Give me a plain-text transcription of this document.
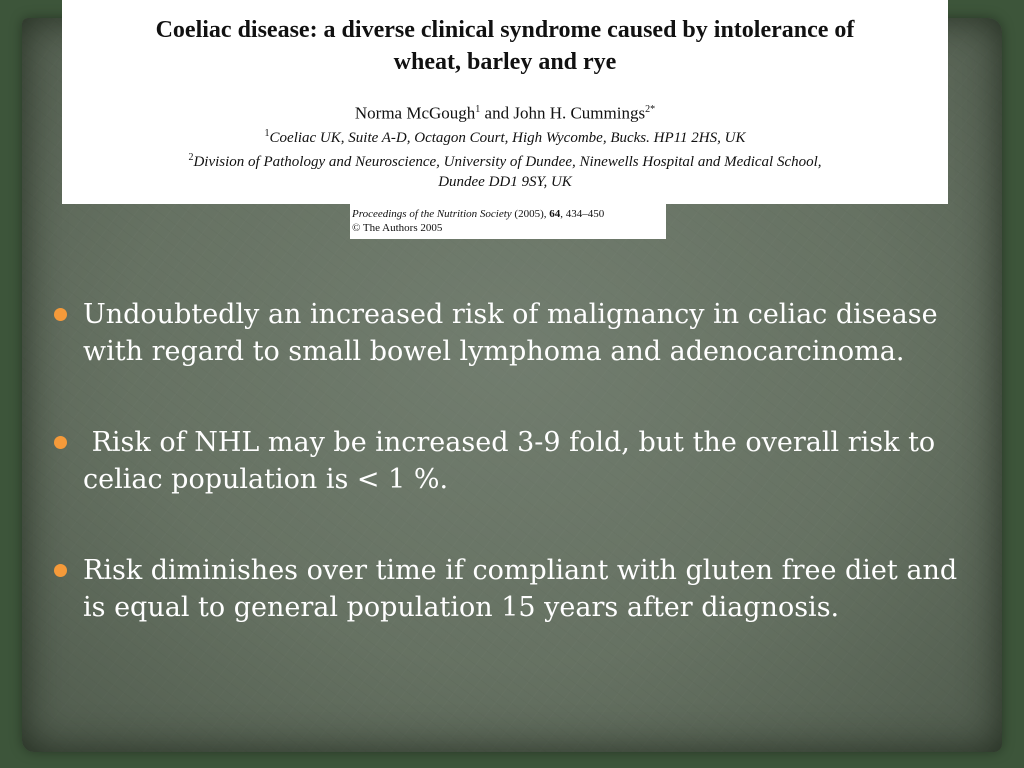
Coeliac disease: a diverse clinical syndrome caused by intolerance of
wheat, barley and rye
Norma McGough$^1$ and John H. Cummings$^{2*}$
$^1$Coeliac UK, Suite A-D, Octagon Court, High Wycombe, Bucks. HP11 2HS, UK
$^2$Division of Pathology and Neuroscience, University of Dundee, Ninewells Hospital and Medical School,
Dundee DD1 9SY, UK
Proceedings of the Nutrition Society (2005), 64, 434–450
© The Authors 2005
Undoubtedly an increased risk of malignancy in celiac disease with regard to small bowel lymphoma and adenocarcinoma.
Risk of NHL may be increased 3-9 fold, but the overall risk to celiac population is < 1 %.
Risk diminishes over time if compliant with gluten free diet and is equal to general population 15 years after diagnosis.
